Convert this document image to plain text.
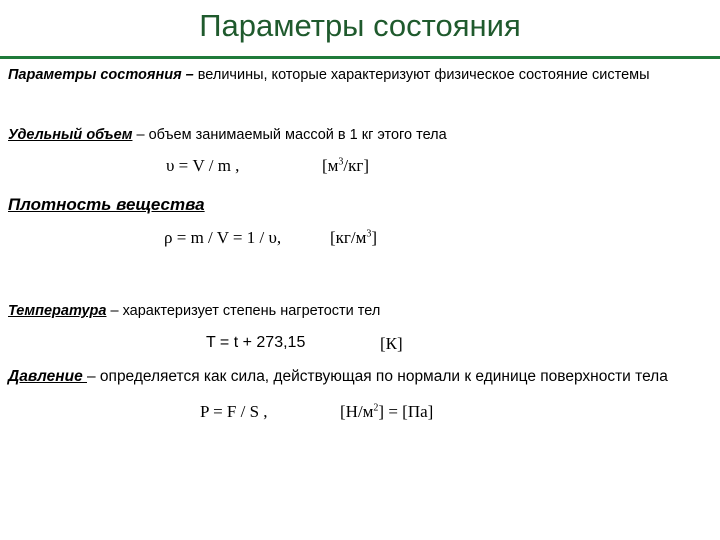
Параметры состояния
Параметры состояния – величины, которые характеризуют физическое состояние системы
Удельный объем – объем занимаемый массой в 1 кг этого тела
υ = V / m ,	$[м^3/кг]$
Плотность вещества
ρ = m / V = 1 / υ,	$[кг/м^3]$
Температура – характеризует степень нагретости тел
T = t + 273,15	[К]
Давление – определяется как сила, действующая по нормали к единице поверхности тела
P = F / S ,	$[Н/м^2] = [Па]$
